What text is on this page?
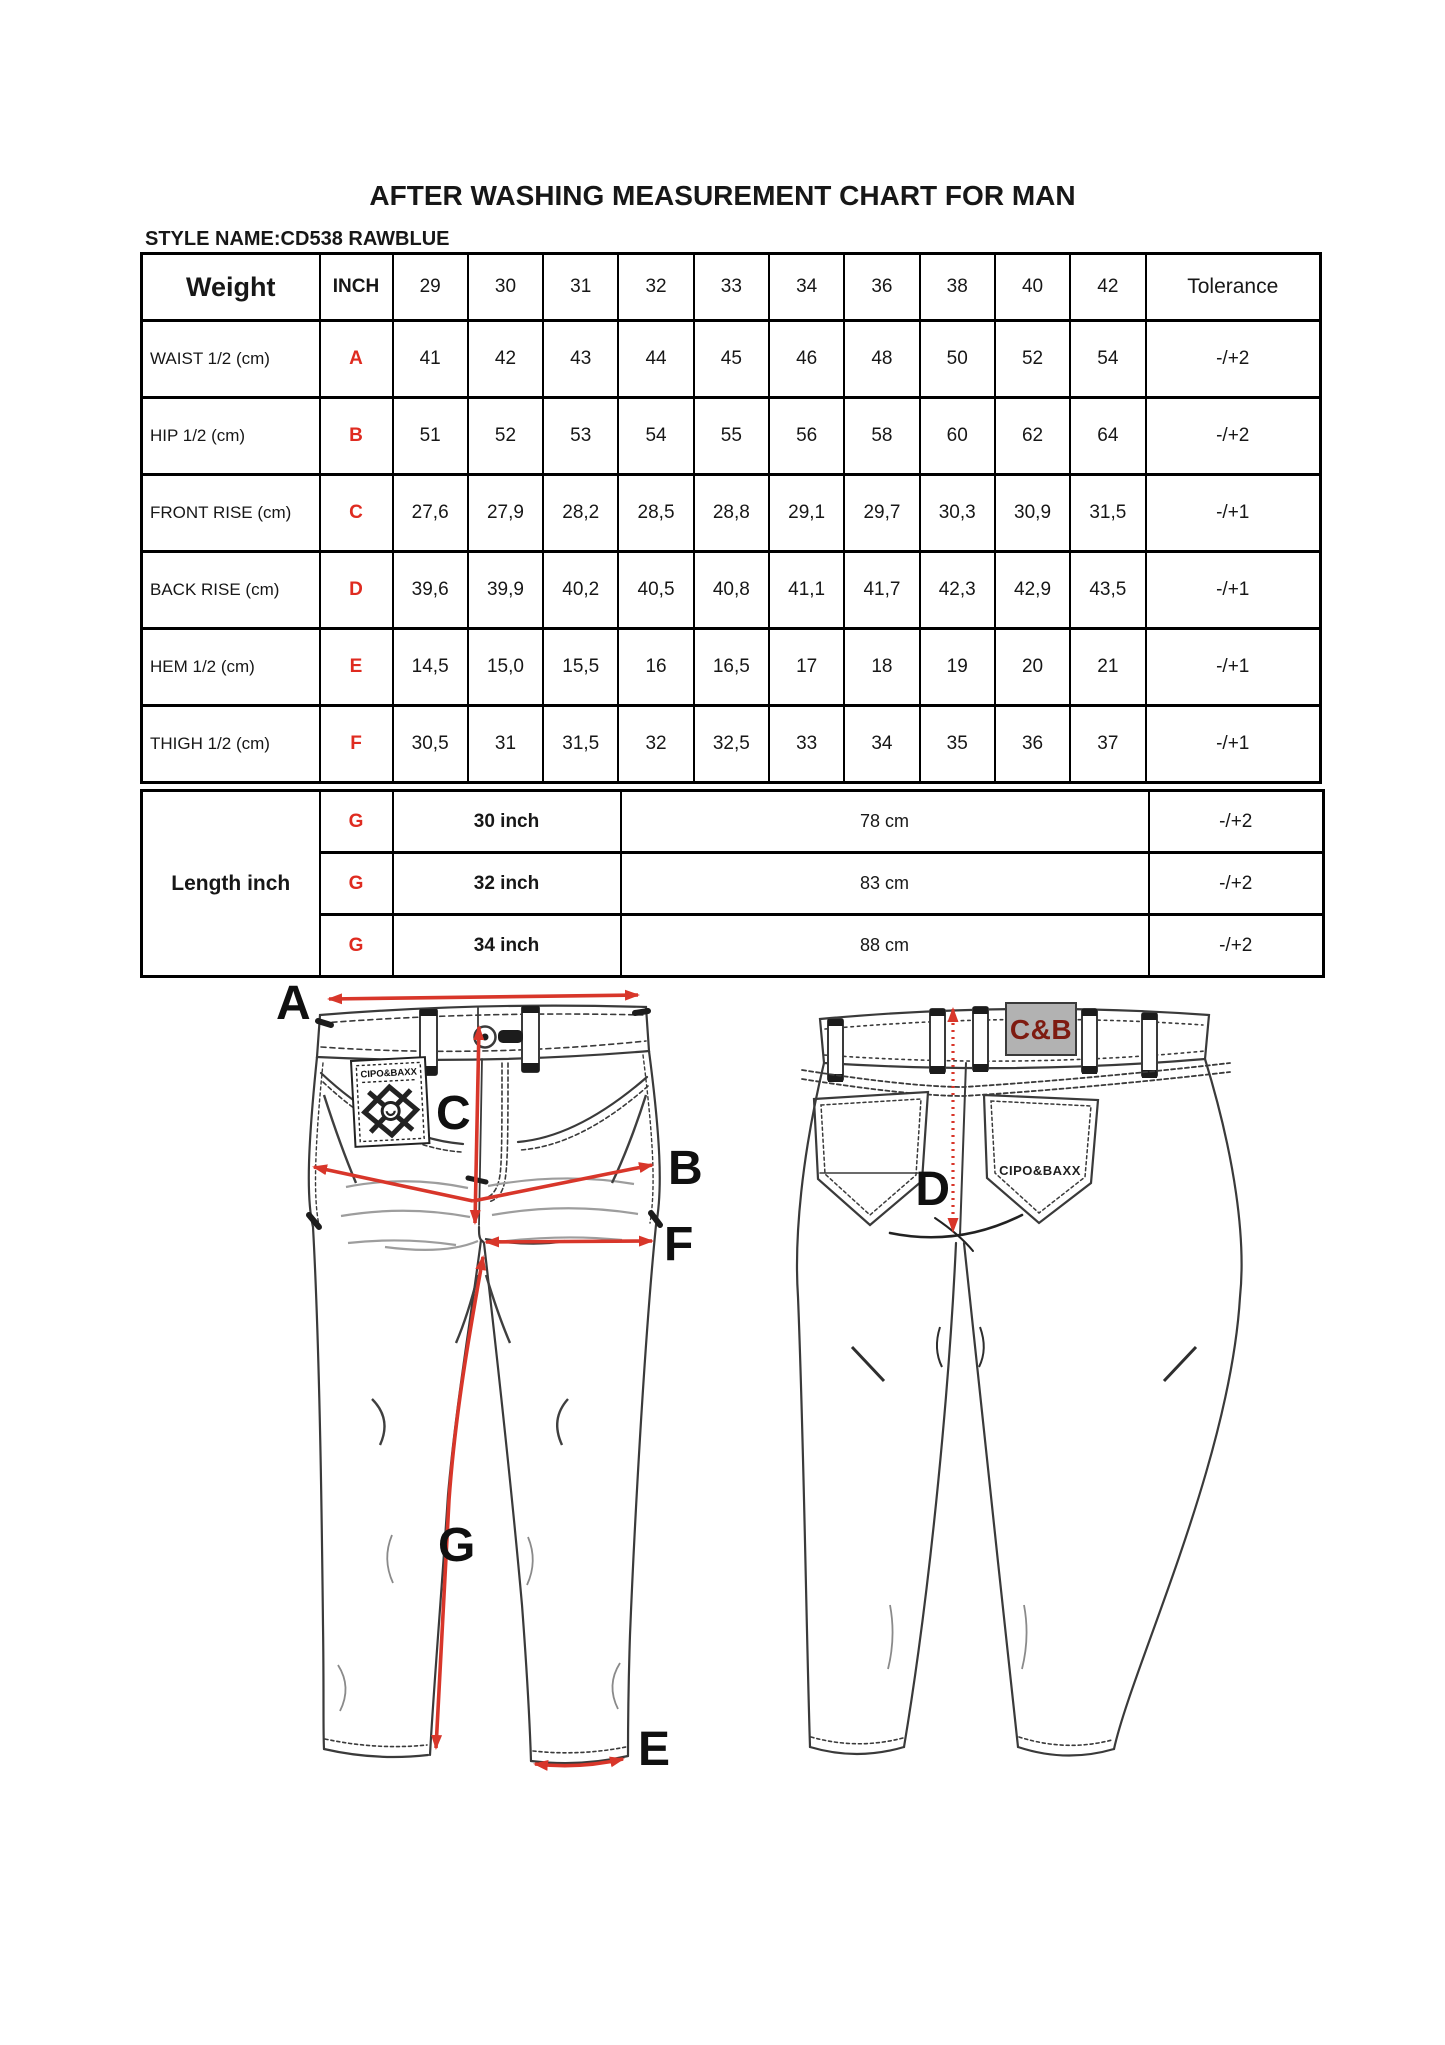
AFTER WASHING MEASUREMENT CHART FOR MAN
STYLE NAME:CD538 RAWBLUE
Weight	INCH	29	30	31	32	33	34	36	38	40	42	Tolerance
WAIST 1/2 (cm)	A	41	42	43	44	45	46	48	50	52	54	-/+2
HIP 1/2 (cm)	B	51	52	53	54	55	56	58	60	62	64	-/+2
FRONT RISE (cm)	C	27,6	27,9	28,2	28,5	28,8	29,1	29,7	30,3	30,9	31,5	-/+1
BACK RISE (cm)	D	39,6	39,9	40,2	40,5	40,8	41,1	41,7	42,3	42,9	43,5	-/+1
HEM 1/2 (cm)	E	14,5	15,0	15,5	16	16,5	17	18	19	20	21	-/+1
THIGH 1/2 (cm)	F	30,5	31	31,5	32	32,5	33	34	35	36	37	-/+1
Length inch	G	30 inch	78 cm	-/+2
	G	32 inch	83 cm	-/+2
	G	34 inch	88 cm	-/+2
CIPO&BAXX
A
C
B
F
G
E
C&B
CIPO&BAXX
D
